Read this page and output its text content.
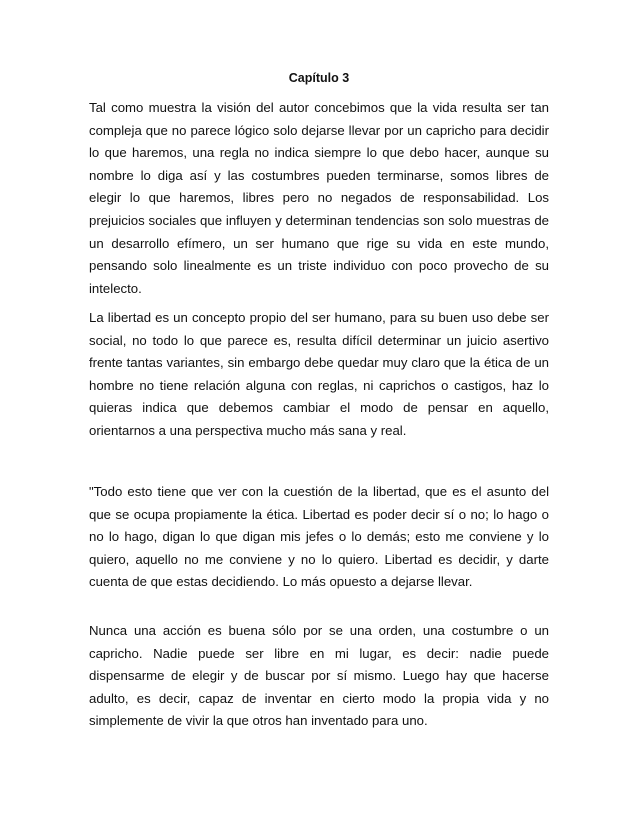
Capítulo 3

Tal como muestra la visión del autor concebimos que la vida resulta ser tan compleja que no parece lógico solo dejarse llevar por un capricho para decidir lo que haremos, una regla no indica siempre lo que debo hacer, aunque su nombre lo diga así y las costumbres pueden terminarse, somos libres de elegir lo que haremos, libres pero no negados de responsabilidad. Los prejuicios sociales que influyen y determinan tendencias son solo muestras de un desarrollo efímero, un ser humano que rige su vida en este mundo, pensando solo linealmente es un triste individuo con poco provecho de su intelecto.

La libertad es un concepto propio del ser humano, para su buen uso debe ser social, no todo lo que parece es, resulta difícil determinar un juicio asertivo frente tantas variantes, sin embargo debe quedar muy claro que la ética de un hombre no tiene relación alguna con reglas, ni caprichos o castigos, haz lo quieras indica que debemos cambiar el modo de pensar en aquello, orientarnos a una perspectiva mucho más sana y real.

"Todo esto tiene que ver con la cuestión de la libertad, que es el asunto del que se ocupa propiamente la ética. Libertad es poder decir sí o no; lo hago o no lo hago, digan lo que digan mis jefes o lo demás; esto me conviene y lo quiero, aquello no me conviene y no lo quiero. Libertad es decidir, y darte cuenta de que estas decidiendo. Lo más opuesto a dejarse llevar.

Nunca una acción es buena sólo por se una orden, una costumbre o un capricho. Nadie puede ser libre en mi lugar, es decir: nadie puede dispensarme de elegir y de buscar por sí mismo. Luego hay que hacerse adulto, es decir, capaz de inventar en cierto modo la propia vida y no simplemente de vivir la que otros han inventado para uno.
